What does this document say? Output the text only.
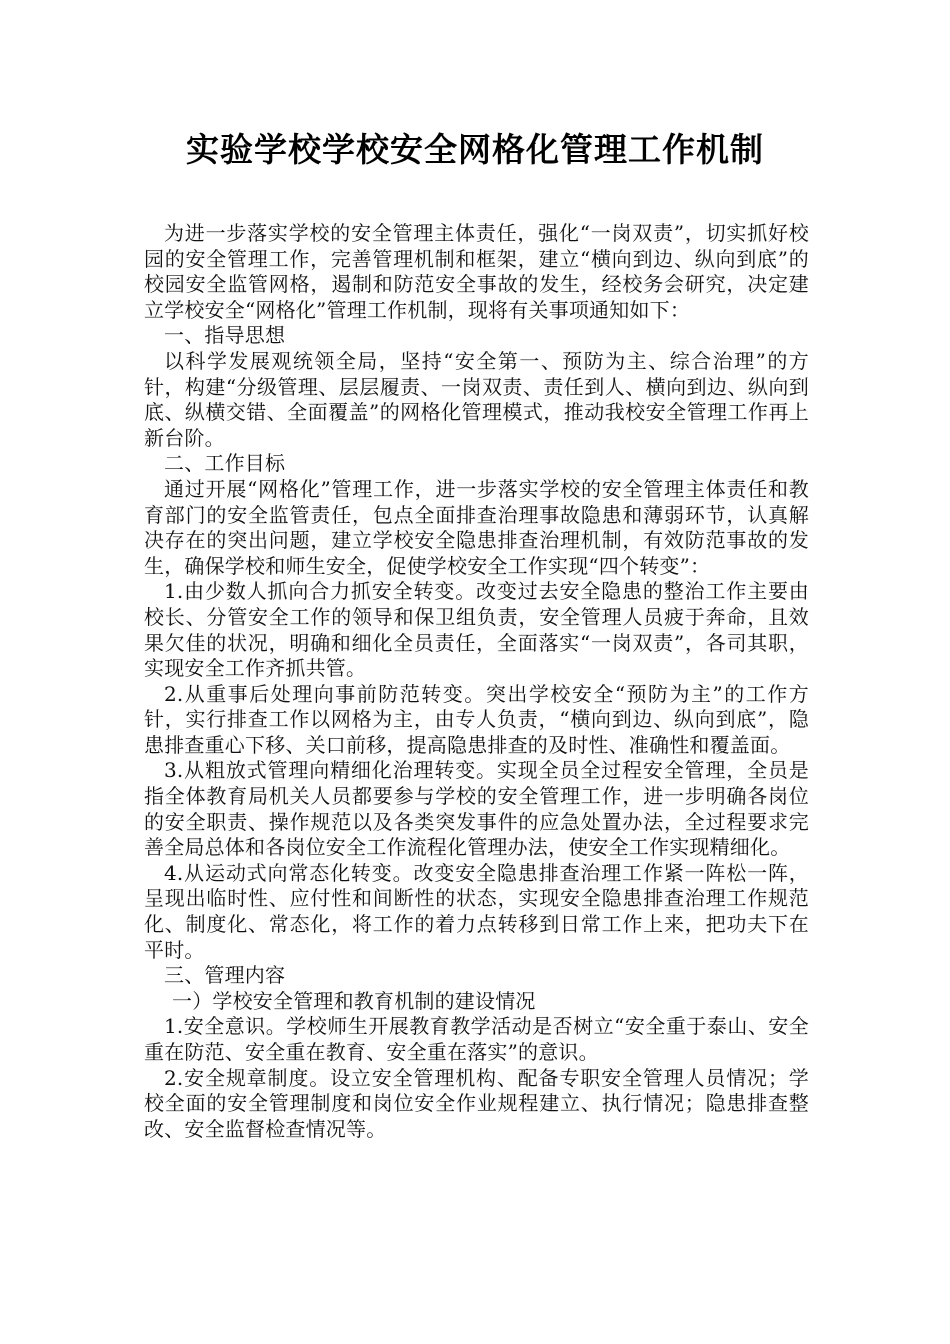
实验学校学校安全网格化管理工作机制

为进一步落实学校的安全管理主体责任，强化“一岗双责”，切实抓好校园的安全管理工作，完善管理机制和框架，建立“横向到边、纵向到底”的校园安全监管网格，遏制和防范安全事故的发生，经校务会研究，决定建立学校安全“网格化”管理工作机制，现将有关事项通知如下：

一、指导思想

以科学发展观统领全局，坚持“安全第一、预防为主、综合治理”的方针，构建“分级管理、层层履责、一岗双责、责任到人、横向到边、纵向到底、纵横交错、全面覆盖”的网格化管理模式，推动我校安全管理工作再上新台阶。

二、工作目标

通过开展“网格化”管理工作，进一步落实学校的安全管理主体责任和教育部门的安全监管责任，包点全面排查治理事故隐患和薄弱环节，认真解决存在的突出问题，建立学校安全隐患排查治理机制，有效防范事故的发生，确保学校和师生安全，促使学校安全工作实现“四个转变”：

1.由少数人抓向合力抓安全转变。改变过去安全隐患的整治工作主要由校长、分管安全工作的领导和保卫组负责，安全管理人员疲于奔命，且效果欠佳的状况，明确和细化全员责任，全面落实“一岗双责”，各司其职，实现安全工作齐抓共管。

2.从重事后处理向事前防范转变。突出学校安全“预防为主”的工作方针，实行排查工作以网格为主，由专人负责，“横向到边、纵向到底”，隐患排查重心下移、关口前移，提高隐患排查的及时性、准确性和覆盖面。

3.从粗放式管理向精细化治理转变。实现全员全过程安全管理，全员是指全体教育局机关人员都要参与学校的安全管理工作，进一步明确各岗位的安全职责、操作规范以及各类突发事件的应急处置办法，全过程要求完善全局总体和各岗位安全工作流程化管理办法，使安全工作实现精细化。

4.从运动式向常态化转变。改变安全隐患排查治理工作紧一阵松一阵，呈现出临时性、应付性和间断性的状态，实现安全隐患排查治理工作规范化、制度化、常态化，将工作的着力点转移到日常工作上来，把功夫下在平时。

三、管理内容

一）学校安全管理和教育机制的建设情况

1.安全意识。学校师生开展教育教学活动是否树立“安全重于泰山、安全重在防范、安全重在教育、安全重在落实”的意识。

2.安全规章制度。设立安全管理机构、配备专职安全管理人员情况；学校全面的安全管理制度和岗位安全作业规程建立、执行情况；隐患排查整改、安全监督检查情况等。
